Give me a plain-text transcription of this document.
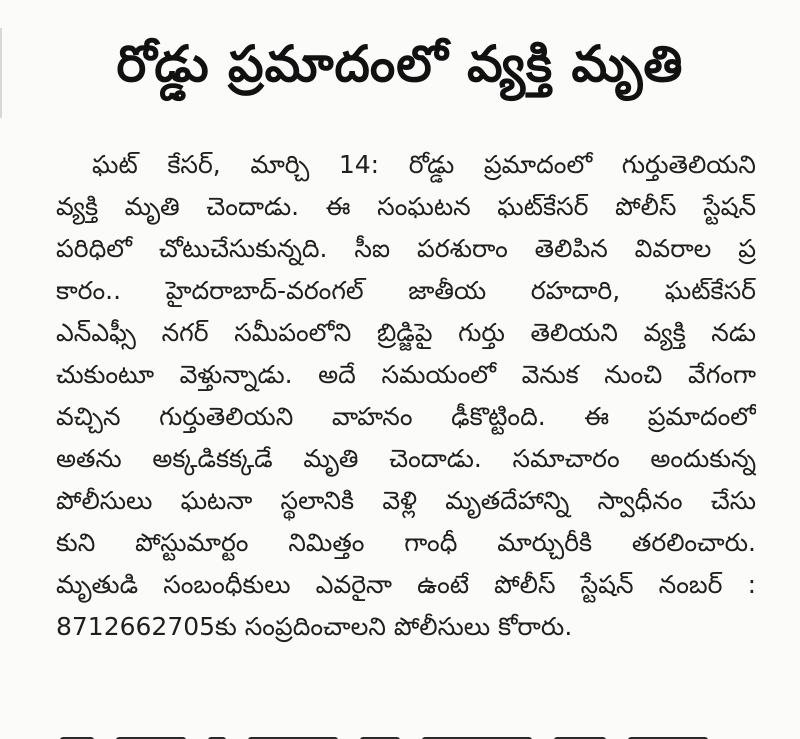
రోడ్డు ప్రమాదంలో వ్యక్తి మృతి
ఘట్ కేసర్, మార్చి 14: రోడ్డు ప్రమాదంలో గుర్తుతెలియని
వ్యక్తి మృతి చెందాడు. ఈ సంఘటన ఘట్‌కేసర్ పోలీస్ స్టేషన్
పరిధిలో చోటుచేసుకున్నది. సీఐ పరశురాం తెలిపిన వివరాల ప్ర
కారం.. హైదరాబాద్-వరంగల్ జాతీయ రహదారి, ఘట్‌కేసర్
ఎన్ఎఫ్సీ నగర్ సమీపంలోని బ్రిడ్జిపై గుర్తు తెలియని వ్యక్తి నడు
చుకుంటూ వెళ్తున్నాడు. అదే సమయంలో వెనుక నుంచి వేగంగా
వచ్చిన గుర్తుతెలియని వాహనం ఢీకొట్టింది. ఈ ప్రమాదంలో
అతను అక్కడికక్కడే మృతి చెందాడు. సమాచారం అందుకున్న
పోలీసులు ఘటనా స్థలానికి వెళ్లి మృతదేహాన్ని స్వాధీనం చేసు
కుని పోస్టుమార్టం నిమిత్తం గాంధీ మార్చురీకి తరలించారు.
మృతుడి సంబంధీకులు ఎవరైనా ఉంటే పోలీస్ స్టేషన్ నంబర్ :
8712662705కు సంప్రదించాలని పోలీసులు కోరారు.
